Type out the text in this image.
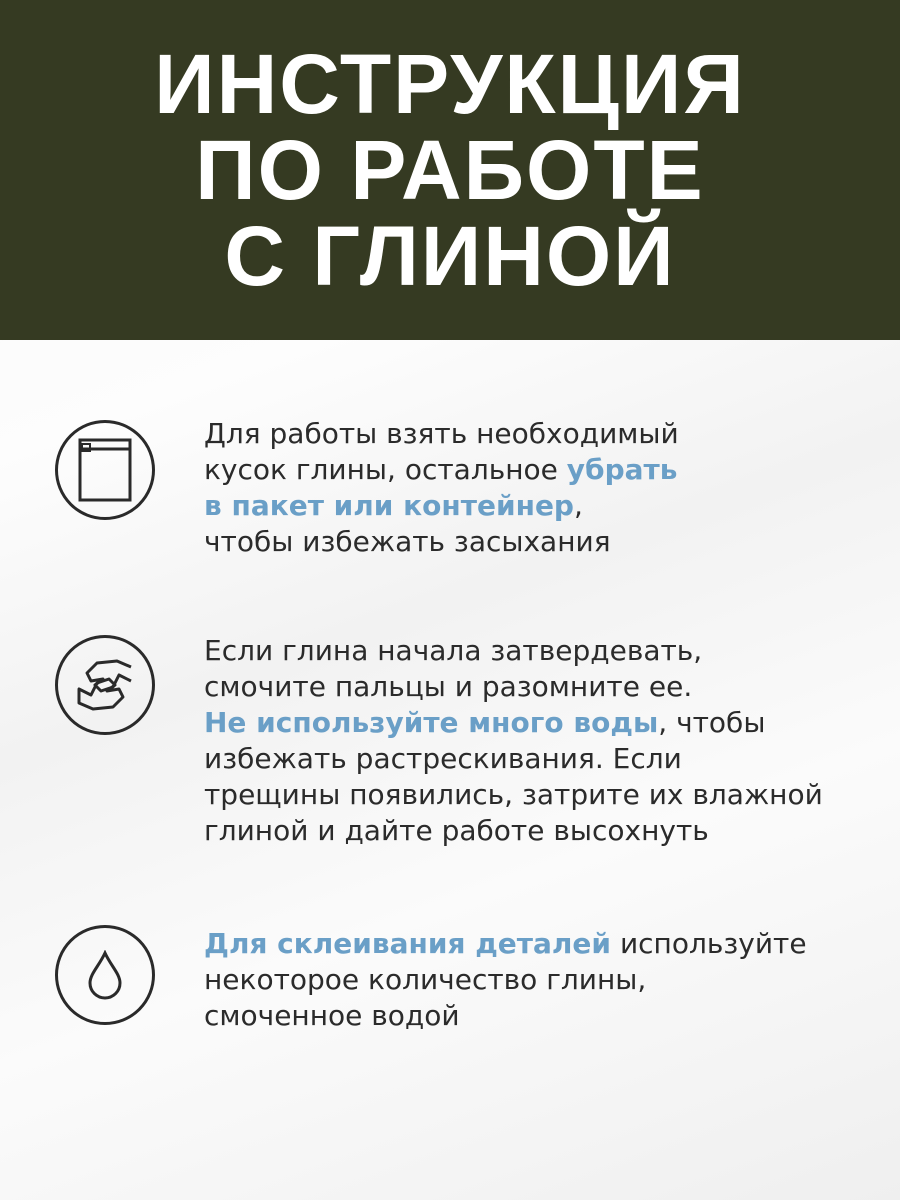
ИНСТРУКЦИЯ
ПО РАБОТЕ
С ГЛИНОЙ
Для работы взять необходимый
кусок глины, остальное убрать
в пакет или контейнер,
чтобы избежать засыхания
Если глина начала затвердевать,
смочите пальцы и разомните ее.
Не используйте много воды, чтобы
избежать растрескивания. Если
трещины появились, затрите их влажной
глиной и дайте работе высохнуть
Для склеивания деталей используйте
некоторое количество глины,
смоченное водой
